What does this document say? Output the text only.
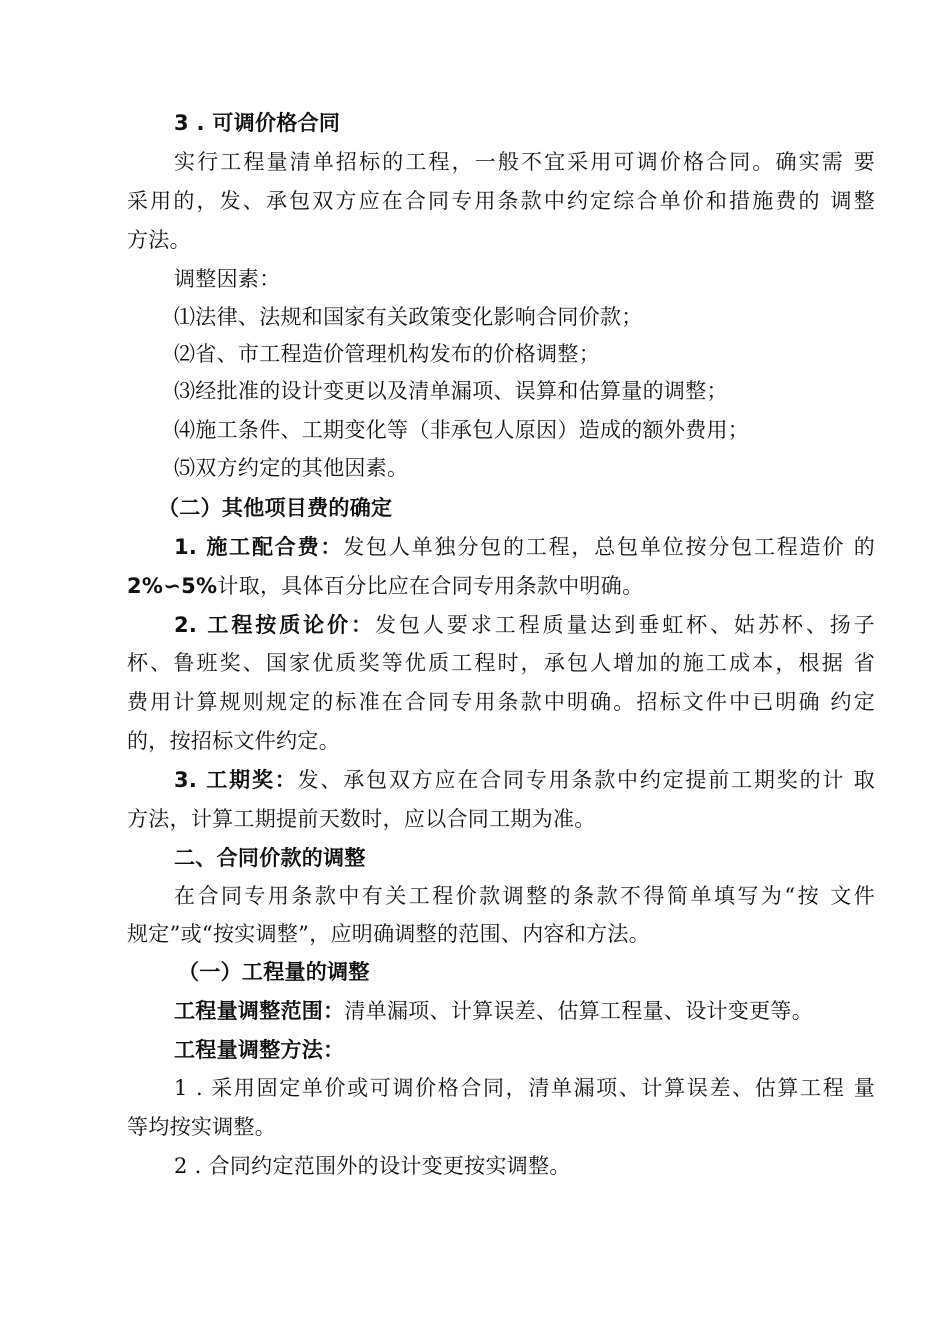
3 . 可调价格合同
实行工程量清单招标的工程，一般不宜采用可调价格合同。确实需 要
采用的，发、承包双方应在合同专用条款中约定综合单价和措施费的 调整
方法。
调整因素：
⑴法律、法规和国家有关政策变化影响合同价款；
⑵省、市工程造价管理机构发布的价格调整；
⑶经批准的设计变更以及清单漏项、误算和估算量的调整；
⑷施工条件、工期变化等（非承包人原因）造成的额外费用；
⑸双方约定的其他因素。
（二）其他项目费的确定
1. 施工配合费：发包人单独分包的工程，总包单位按分包工程造价 的
2%∽5%计取，具体百分比应在合同专用条款中明确。
2. 工程按质论价：发包人要求工程质量达到垂虹杯、姑苏杯、扬子
杯、鲁班奖、国家优质奖等优质工程时，承包人增加的施工成本，根据 省
费用计算规则规定的标准在合同专用条款中明确。招标文件中已明确 约定
的，按招标文件约定。
3. 工期奖：发、承包双方应在合同专用条款中约定提前工期奖的计 取
方法，计算工期提前天数时，应以合同工期为准。
二、合同价款的调整
在合同专用条款中有关工程价款调整的条款不得简单填写为“按 文件
规定”或“按实调整”，应明确调整的范围、内容和方法。
（一）工程量的调整
工程量调整范围：清单漏项、计算误差、估算工程量、设计变更等。
工程量调整方法：
1 . 采用固定单价或可调价格合同，清单漏项、计算误差、估算工程 量
等均按实调整。
2 . 合同约定范围外的设计变更按实调整。
